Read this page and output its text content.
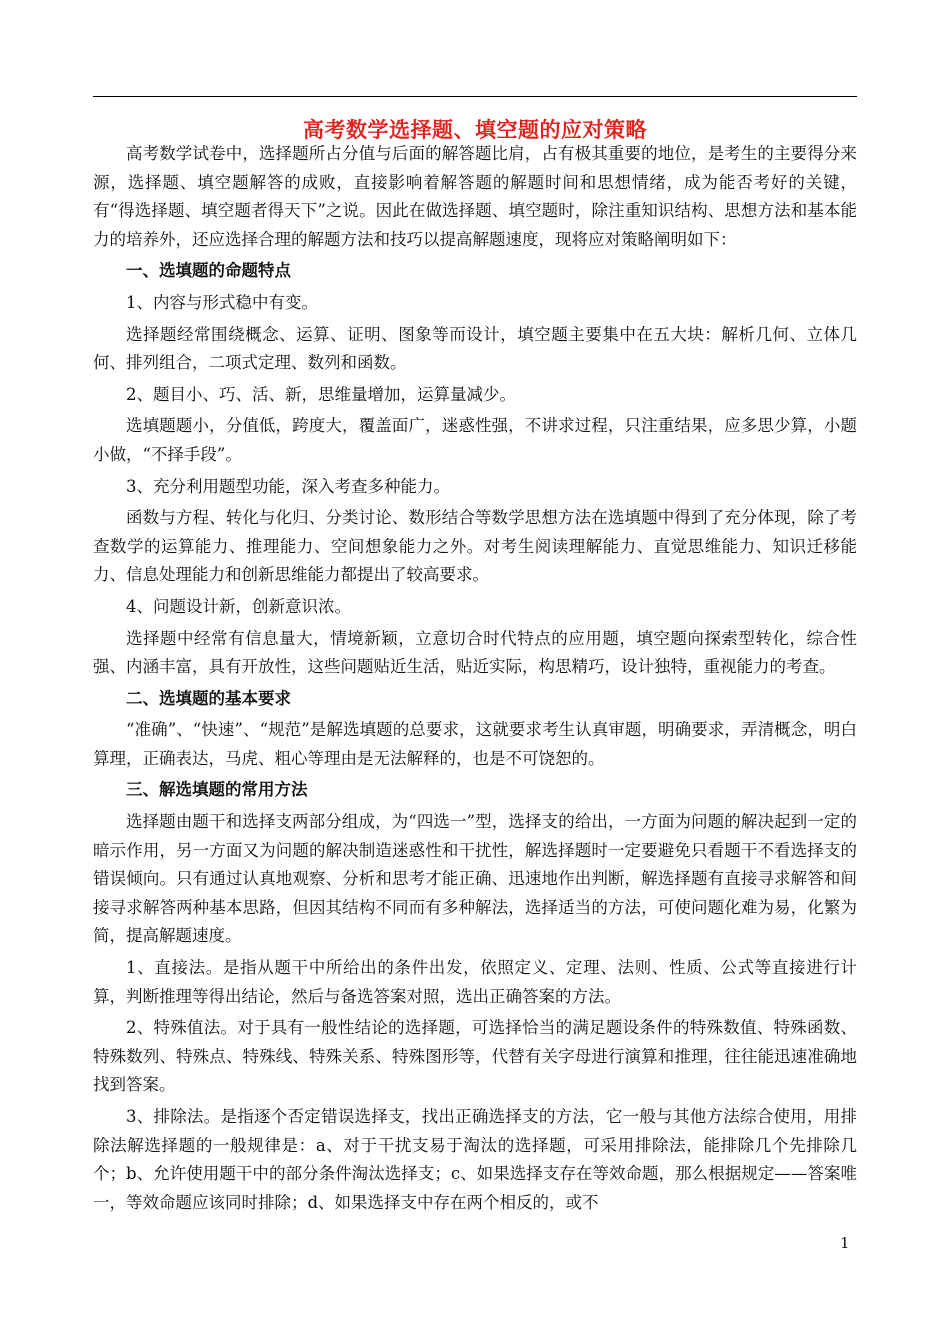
高考数学选择题、填空题的应对策略

高考数学试卷中，选择题所占分值与后面的解答题比肩，占有极其重要的地位，是考生的主要得分来源，选择题、填空题解答的成败，直接影响着解答题的解题时间和思想情绪，成为能否考好的关键，有“得选择题、填空题者得天下”之说。因此在做选择题、填空题时，除注重知识结构、思想方法和基本能力的培养外，还应选择合理的解题方法和技巧以提高解题速度，现将应对策略阐明如下：

一、选填题的命题特点

1、内容与形式稳中有变。

选择题经常围绕概念、运算、证明、图象等而设计，填空题主要集中在五大块：解析几何、立体几何、排列组合，二项式定理、数列和函数。

2、题目小、巧、活、新，思维量增加，运算量减少。

选填题题小，分值低，跨度大，覆盖面广，迷惑性强，不讲求过程，只注重结果，应多思少算，小题小做，“不择手段”。

3、充分利用题型功能，深入考查多种能力。

函数与方程、转化与化归、分类讨论、数形结合等数学思想方法在选填题中得到了充分体现，除了考查数学的运算能力、推理能力、空间想象能力之外。对考生阅读理解能力、直觉思维能力、知识迁移能力、信息处理能力和创新思维能力都提出了较高要求。

4、问题设计新，创新意识浓。

选择题中经常有信息量大，情境新颖，立意切合时代特点的应用题，填空题向探索型转化，综合性强、内涵丰富，具有开放性，这些问题贴近生活，贴近实际，构思精巧，设计独特，重视能力的考查。

二、选填题的基本要求

“准确”、“快速”、“规范”是解选填题的总要求，这就要求考生认真审题，明确要求，弄清概念，明白算理，正确表达，马虎、粗心等理由是无法解释的，也是不可饶恕的。

三、解选填题的常用方法

选择题由题干和选择支两部分组成，为“四选一”型，选择支的给出，一方面为问题的解决起到一定的暗示作用，另一方面又为问题的解决制造迷惑性和干扰性，解选择题时一定要避免只看题干不看选择支的错误倾向。只有通过认真地观察、分析和思考才能正确、迅速地作出判断，解选择题有直接寻求解答和间接寻求解答两种基本思路，但因其结构不同而有多种解法，选择适当的方法，可使问题化难为易，化繁为简，提高解题速度。

1、直接法。是指从题干中所给出的条件出发，依照定义、定理、法则、性质、公式等直接进行计算，判断推理等得出结论，然后与备选答案对照，选出正确答案的方法。

2、特殊值法。对于具有一般性结论的选择题，可选择恰当的满足题设条件的特殊数值、特殊函数、特殊数列、特殊点、特殊线、特殊关系、特殊图形等，代替有关字母进行演算和推理，往往能迅速准确地找到答案。

3、排除法。是指逐个否定错误选择支，找出正确选择支的方法，它一般与其他方法综合使用，用排除法解选择题的一般规律是：a、对于干扰支易于淘汰的选择题，可采用排除法，能排除几个先排除几个；b、允许使用题干中的部分条件淘汰选择支；c、如果选择支存在等效命题，那么根据规定——答案唯一，等效命题应该同时排除；d、如果选择支中存在两个相反的，或不

1
